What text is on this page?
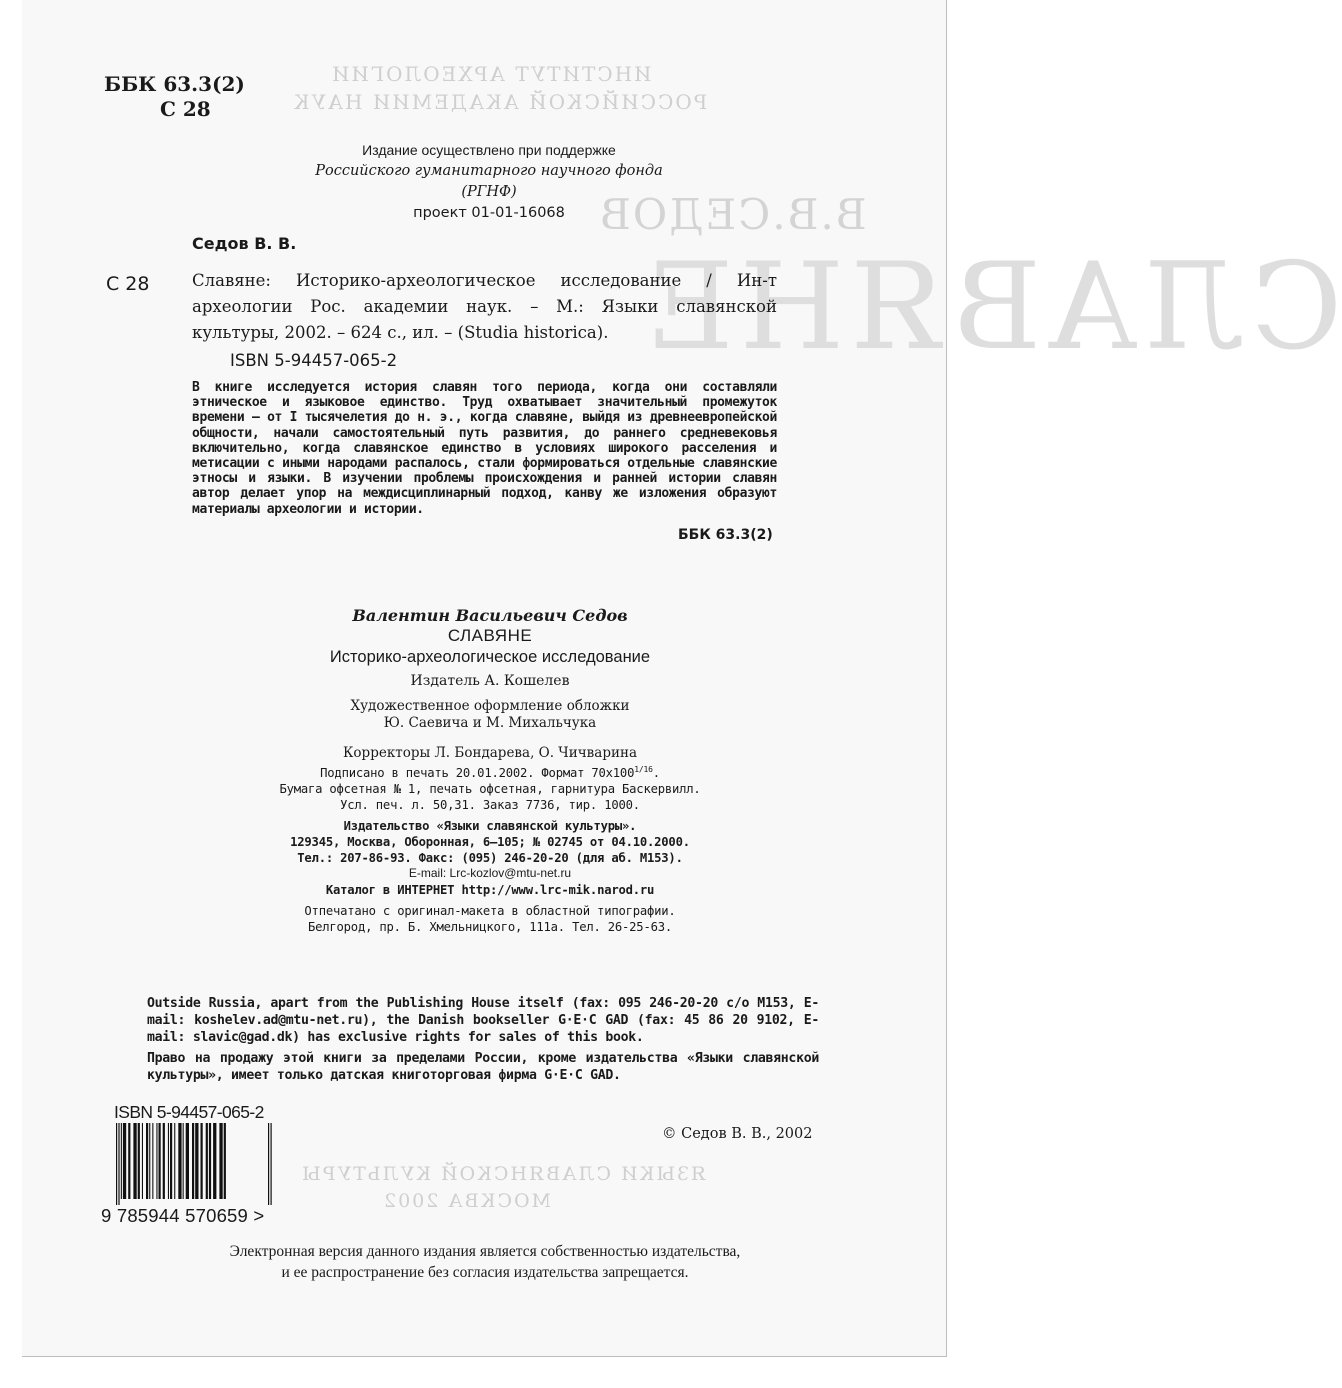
ИНСТИТУТ АРХЕОЛОГИИ
РОССИЙСКОЙ АКАДЕМИИ НАУК
В.В.СЕДОВ
СЛАВЯНЕ
ЯЗЫКИ СЛАВЯНСКОЙ КУЛЬТУРЫ
МОСКВА 2002
ББК 63.3(2)
С 28
Издание осуществлено при поддержке
Российского гуманитарного научного фонда
(РГНФ)
проект 01-01-16068
Седов В. В.
С 28	Славяне: Историко-археологическое исследование / Ин-т археологии Рос. академии наук. – М.: Языки славянской
культуры, 2002. – 624 с., ил. – (Studia historica).
ISBN 5-94457-065-2
В книге исследуется история славян того периода, когда они составляли этническое и языковое единство. Труд охватывает значительный промежуток времени — от I тысячелетия до н. э., когда славяне, выйдя из древнеевропейской общности, начали самостоятельный путь развития, до раннего средневековья включительно, когда славянское единство в условиях широкого расселения и метисации с иными народами распалось, стали формироваться отдельные славянские этносы и языки. В изучении проблемы происхождения и ранней истории славян автор делает упор на междисциплинарный подход, канву же изложения образуют материалы археологии и истории.
ББК 63.3(2)
Валентин Васильевич Седов
СЛАВЯНЕ
Историко-археологическое исследование
Издатель А. Кошелев
Художественное оформление обложки
Ю. Саевича и М. Михальчука
Корректоры Л. Бондарева, О. Чичварина
Подписано в печать 20.01.2002. Формат $70x100^{1/16}$.
Бумага офсетная № 1, печать офсетная, гарнитура Баскервилл.
Усл. печ. л. 50,31. Заказ 7736, тир. 1000.
Издательство «Языки славянской культуры».
129345, Москва, Оборонная, 6–105; № 02745 от 04.10.2000.
Тел.: 207-86-93. Факс: (095) 246-20-20 (для аб. М153).
E-mail: Lrc-kozlov@mtu-net.ru
Каталог в ИНТЕРНЕТ http://www.lrc-mik.narod.ru
Отпечатано с оригинал-макета в областной типографии.
Белгород, пр. Б. Хмельницкого, 111а. Тел. 26-25-63.

Outside Russia, apart from the Publishing House itself (fax: 095 246-20-20 c/o M153, E-mail: koshelev.ad@mtu-net.ru), the Danish bookseller G·E·C GAD (fax: 45 86 20 9102, E-mail: slavic@gad.dk) has exclusive rights for sales of this book.

Право на продажу этой книги за пределами России, кроме издательства «Языки славянской культуры», имеет только датская книготорговая фирма G·E·C GAD.

ISBN 5-94457-065-2
9 785944 570659 >
© Седов В. В., 2002
Электронная версия данного издания является собственностью издательства,
и ее распространение без согласия издательства запрещается.
